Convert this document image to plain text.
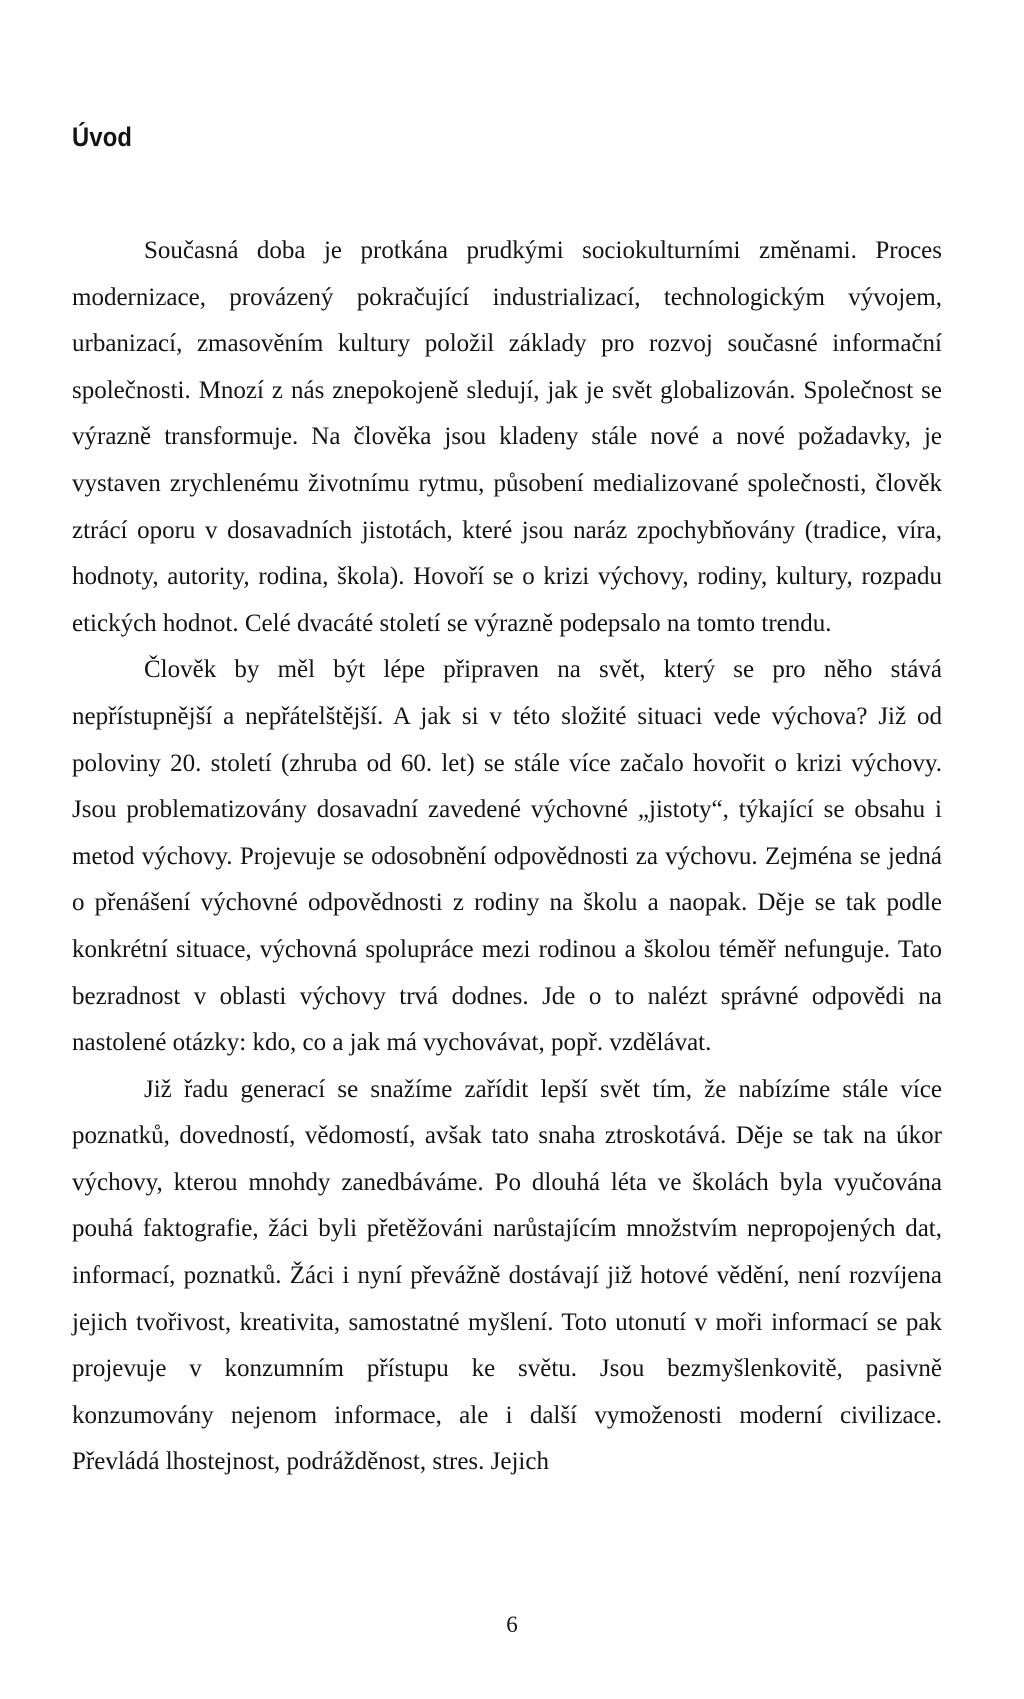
Úvod

Současná doba je protkána prudkými sociokulturními změnami. Proces modernizace, provázený pokračující industrializací, technologickým vývojem, urbanizací, zmasověním kultury položil základy pro rozvoj současné informační společnosti. Mnozí z nás znepokojeně sledují, jak je svět globalizován. Společnost se výrazně transformuje. Na člověka jsou kladeny stále nové a nové požadavky, je vystaven zrychlenému životnímu rytmu, působení medializované společnosti, člověk ztrácí oporu v dosavadních jistotách, které jsou naráz zpochybňovány (tradice, víra, hodnoty, autority, rodina, škola). Hovoří se o krizi výchovy, rodiny, kultury, rozpadu etických hodnot. Celé dvacáté století se výrazně podepsalo na tomto trendu.

Člověk by měl být lépe připraven na svět, který se pro něho stává nepřístupnější a nepřátelštější. A jak si v této složité situaci vede výchova? Již od poloviny 20. století (zhruba od 60. let) se stále více začalo hovořit o krizi výchovy. Jsou problematizovány dosavadní zavedené výchovné „jistoty“, týkající se obsahu i metod výchovy. Projevuje se odosobnění odpovědnosti za výchovu. Zejména se jedná o přenášení výchovné odpovědnosti z rodiny na školu a naopak. Děje se tak podle konkrétní situace, výchovná spolupráce mezi rodinou a školou téměř nefunguje. Tato bezradnost v oblasti výchovy trvá dodnes. Jde o to nalézt správné odpovědi na nastolené otázky: kdo, co a jak má vychovávat, popř. vzdělávat.

Již řadu generací se snažíme zařídit lepší svět tím, že nabízíme stále více poznatků, dovedností, vědomostí, avšak tato snaha ztroskotává. Děje se tak na úkor výchovy, kterou mnohdy zanedbáváme. Po dlouhá léta ve školách byla vyučována pouhá faktografie, žáci byli přetěžováni narůstajícím množstvím nepropojených dat, informací, poznatků. Žáci i nyní převážně dostávají již hotové vědění, není rozvíjena jejich tvořivost, kreativita, samostatné myšlení. Toto utonutí v moři informací se pak projevuje v konzumním přístupu ke světu. Jsou bezmyšlenkovitě, pasivně konzumovány nejenom informace, ale i další vymoženosti moderní civilizace. Převládá lhostejnost, podrážděnost, stres. Jejich

6
